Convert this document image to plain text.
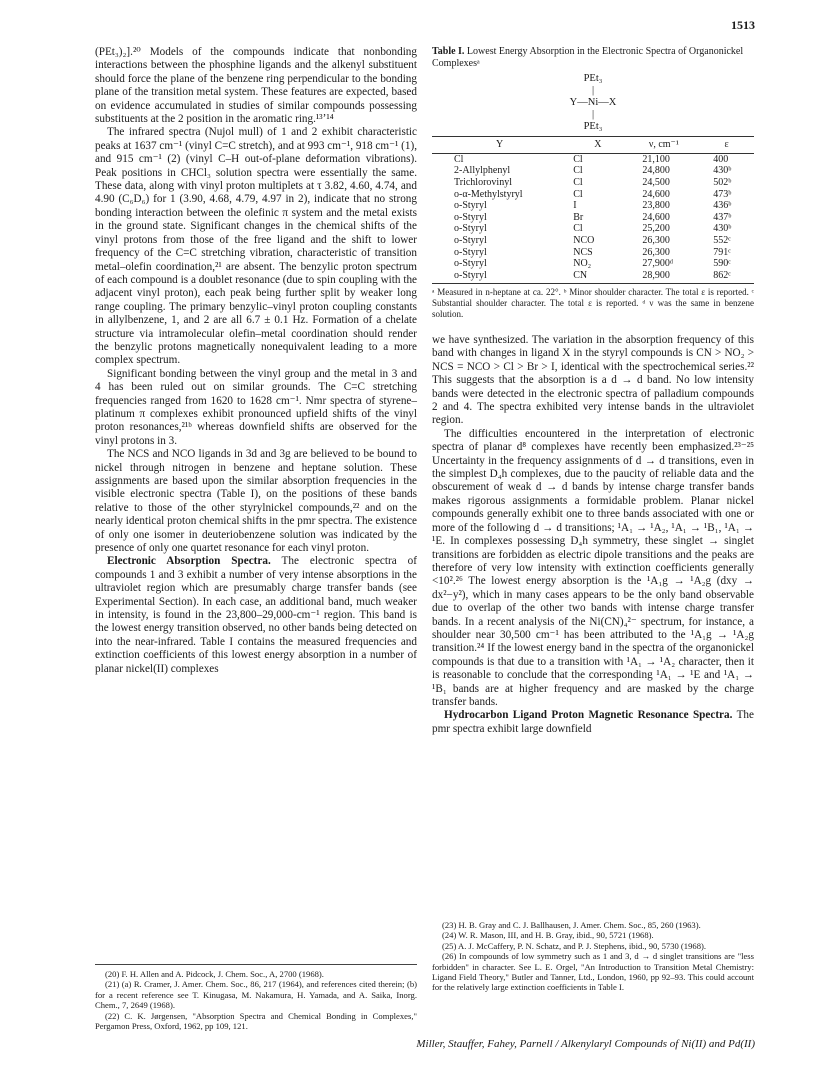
1513

(PEt₃)₂].²⁰ Models of the compounds indicate that nonbonding interactions between the phosphine ligands and the alkenyl substituent should force the plane of the benzene ring perpendicular to the bonding plane of the transition metal system. These features are expected, based on evidence accumulated in studies of similar compounds possessing substituents at the 2 position in the aromatic ring.¹³ʼ¹⁴

The infrared spectra (Nujol mull) of 1 and 2 exhibit characteristic peaks at 1637 cm⁻¹ (vinyl C=C stretch), and at 993 cm⁻¹, 918 cm⁻¹ (1), and 915 cm⁻¹ (2) (vinyl C–H out-of-plane deformation vibrations). Peak positions in CHCl₃ solution spectra were essentially the same. These data, along with vinyl proton multiplets at τ 3.82, 4.60, 4.74, and 4.90 (C₆D₆) for 1 (3.90, 4.68, 4.79, 4.97 in 2), indicate that no strong bonding interaction between the olefinic π system and the metal exists in the ground state. Significant changes in the chemical shifts of the vinyl protons from those of the free ligand and the shift to lower frequency of the C=C stretching vibration, characteristic of transition metal–olefin coordination,²¹ are absent. The benzylic proton spectrum of each compound is a doublet resonance (due to spin coupling with the adjacent vinyl proton), each peak being further split by weaker long range coupling. The primary benzylic–vinyl proton coupling constants in allylbenzene, 1, and 2 are all 6.7 ± 0.1 Hz. Formation of a chelate structure via intramolecular olefin–metal coordination should render the benzylic protons magnetically nonequivalent leading to a more complex spectrum.

Significant bonding between the vinyl group and the metal in 3 and 4 has been ruled out on similar grounds. The C=C stretching frequencies ranged from 1620 to 1628 cm⁻¹. Nmr spectra of styrene–platinum π complexes exhibit pronounced upfield shifts of the vinyl proton resonances,²¹ᵇ whereas downfield shifts are observed for the vinyl protons in 3.

The NCS and NCO ligands in 3d and 3g are believed to be bound to nickel through nitrogen in benzene and heptane solution. These assignments are based upon the similar absorption frequencies in the visible electronic spectra (Table I), on the positions of these bands relative to those of the other styrylnickel compounds,²² and on the nearly identical proton chemical shifts in the pmr spectra. The existence of only one isomer in deuteriobenzene solution was indicated by the presence of only one quartet resonance for each vinyl proton.

Electronic Absorption Spectra. The electronic spectra of compounds 1 and 3 exhibit a number of very intense absorptions in the ultraviolet region which are presumably charge transfer bands (see Experimental Section). In each case, an additional band, much weaker in intensity, is found in the 23,800–29,000-cm⁻¹ region. This band is the lowest energy transition observed, no other bands being detected on into the near-infrared. Table I contains the measured frequencies and extinction coefficients of this lowest energy absorption in a number of planar nickel(II) complexes

(20) F. H. Allen and A. Pidcock, J. Chem. Soc., A, 2700 (1968).

(21) (a) R. Cramer, J. Amer. Chem. Soc., 86, 217 (1964), and references cited therein; (b) for a recent reference see T. Kinugasa, M. Nakamura, H. Yamada, and A. Saika, Inorg. Chem., 7, 2649 (1968).

(22) C. K. Jørgensen, "Absorption Spectra and Chemical Bonding in Complexes," Pergamon Press, Oxford, 1962, pp 109, 121.

Table I. Lowest Energy Absorption in the Electronic Spectra of Organonickel Complexesᵃ
PEt₃
|
Y—Ni—X
|
PEt₃
Y	X	ν, cm⁻¹	ε
Cl	Cl	21,100	400
2-Allylphenyl	Cl	24,800	430ᵇ
Trichlorovinyl	Cl	24,500	502ᵇ
o-α-Methylstyryl	Cl	24,600	473ᵇ
o-Styryl	I	23,800	436ᵇ
o-Styryl	Br	24,600	437ᵇ
o-Styryl	Cl	25,200	430ᵇ
o-Styryl	NCO	26,300	552ᶜ
o-Styryl	NCS	26,300	791ᶜ
o-Styryl	NO₂	27,900ᵈ	590ᶜ
o-Styryl	CN	28,900	862ᶜ
ᵃ Measured in n-heptane at ca. 22°. ᵇ Minor shoulder character. The total ε is reported. ᶜ Substantial shoulder character. The total ε is reported. ᵈ ν was the same in benzene solution.

we have synthesized. The variation in the absorption frequency of this band with changes in ligand X in the styryl compounds is CN > NO₂ > NCS = NCO > Cl > Br > I, identical with the spectrochemical series.²² This suggests that the absorption is a d → d band. No low intensity bands were detected in the electronic spectra of palladium compounds 2 and 4. The spectra exhibited very intense bands in the ultraviolet region.

The difficulties encountered in the interpretation of electronic spectra of planar d⁸ complexes have recently been emphasized.²³⁻²⁵ Uncertainty in the frequency assignments of d → d transitions, even in the simplest D₄h complexes, due to the paucity of reliable data and the obscurement of weak d → d bands by intense charge transfer bands makes rigorous assignments a formidable problem. Planar nickel compounds generally exhibit one to three bands associated with one or more of the following d → d transitions; ¹A₁ → ¹A₂, ¹A₁ → ¹B₁, ¹A₁ → ¹E. In complexes possessing D₄h symmetry, these singlet → singlet transitions are forbidden as electric dipole transitions and the peaks are therefore of very low intensity with extinction coefficients generally <10².²⁶ The lowest energy absorption is the ¹A₁g → ¹A₂g (dxy → dx²−y²), which in many cases appears to be the only band observable due to overlap of the other two bands with intense charge transfer bands. In a recent analysis of the Ni(CN)₄²⁻ spectrum, for instance, a shoulder near 30,500 cm⁻¹ has been attributed to the ¹A₁g → ¹A₂g transition.²⁴ If the lowest energy band in the spectra of the organonickel compounds is that due to a transition with ¹A₁ → ¹A₂ character, then it is reasonable to conclude that the corresponding ¹A₁ → ¹E and ¹A₁ → ¹B₁ bands are at higher frequency and are masked by the charge transfer bands.

Hydrocarbon Ligand Proton Magnetic Resonance Spectra. The pmr spectra exhibit large downfield

(23) H. B. Gray and C. J. Ballhausen, J. Amer. Chem. Soc., 85, 260 (1963).

(24) W. R. Mason, III, and H. B. Gray, ibid., 90, 5721 (1968).

(25) A. J. McCaffery, P. N. Schatz, and P. J. Stephens, ibid., 90, 5730 (1968).

(26) In compounds of low symmetry such as 1 and 3, d → d singlet transitions are "less forbidden" in character. See L. E. Orgel, "An Introduction to Transition Metal Chemistry: Ligand Field Theory," Butler and Tanner, Ltd., London, 1960, pp 92–93. This could account for the relatively large extinction coefficients in Table I.

Miller, Stauffer, Fahey, Parnell / Alkenylaryl Compounds of Ni(II) and Pd(II)
